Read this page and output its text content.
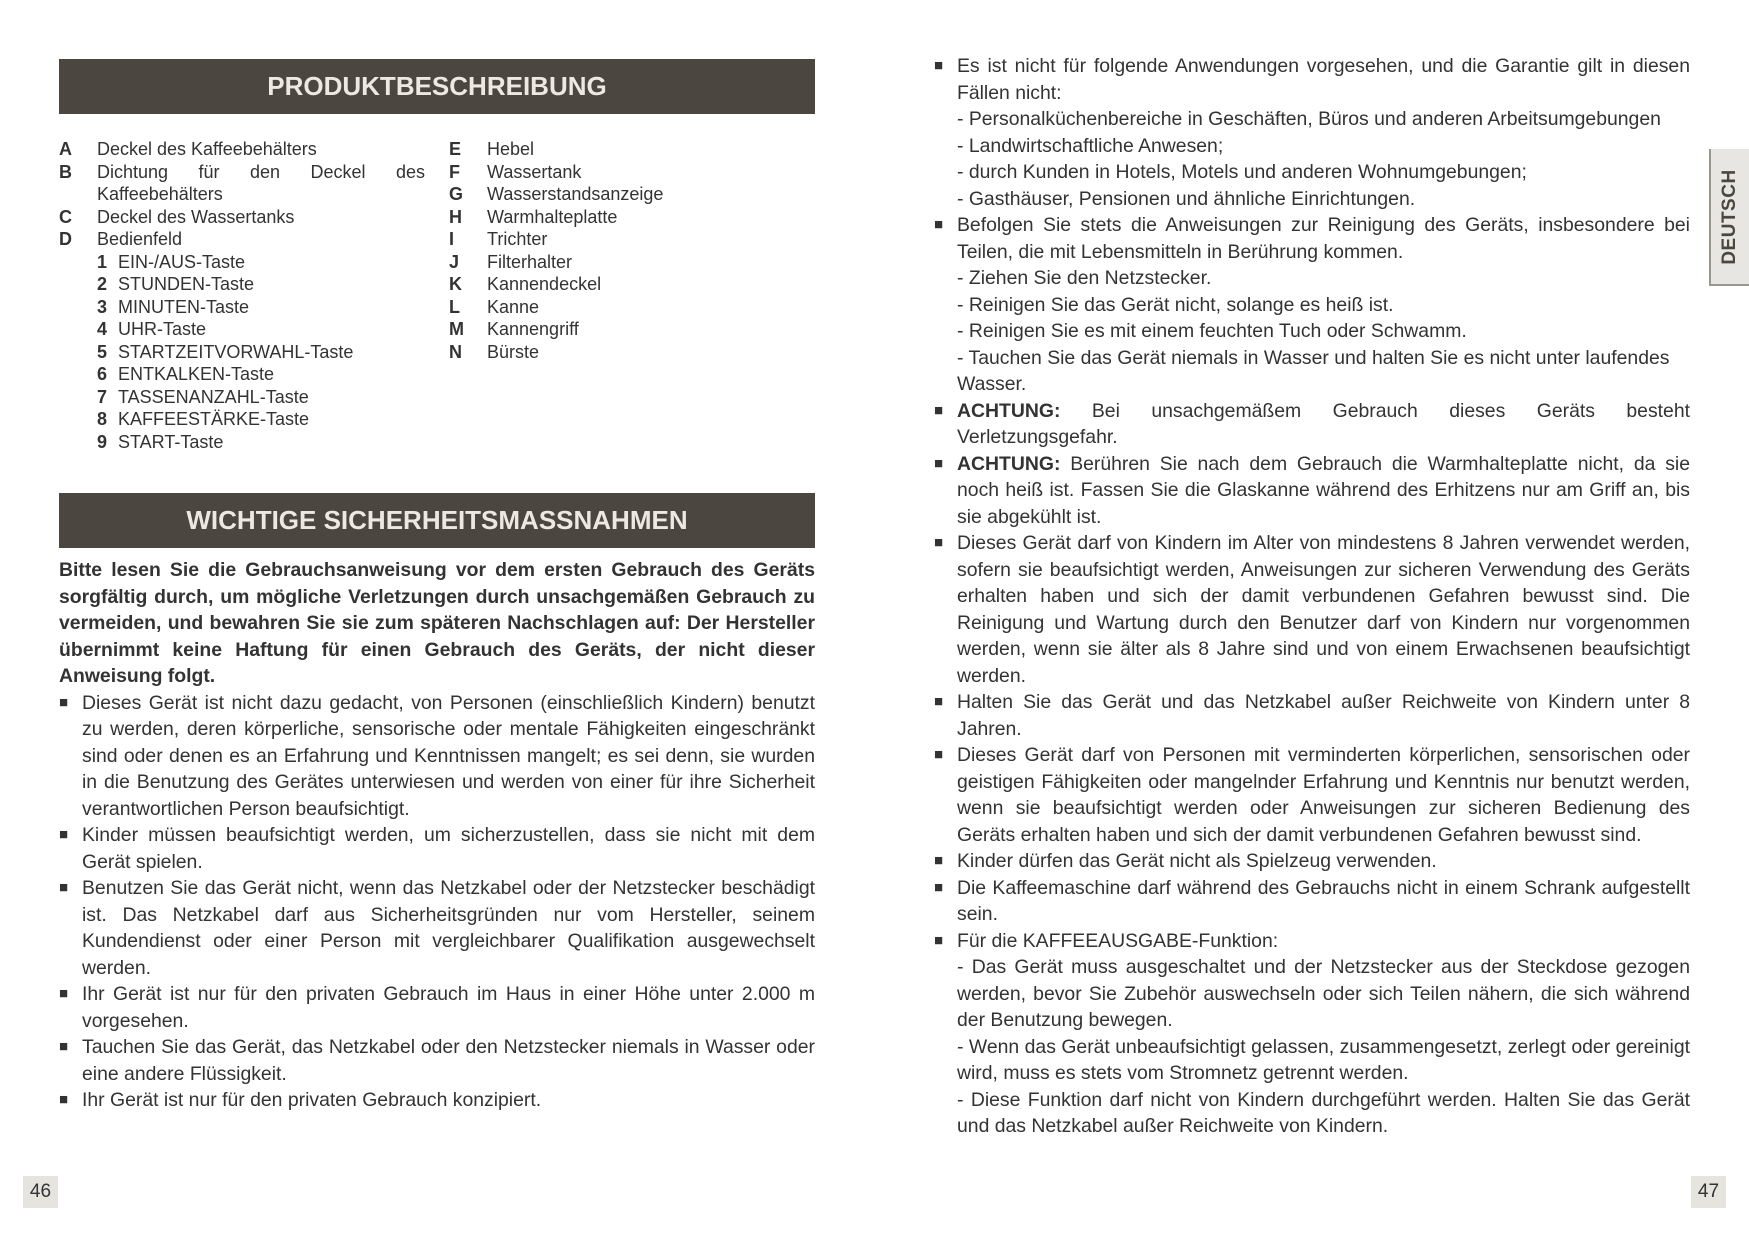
PRODUKTBESCHREIBUNG
A	Deckel des Kaffeebehälters
B	Dichtung für den Deckel des Kaffeebehälters
C	Deckel des Wassertanks
D	Bedienfeld
1 EIN-/AUS-Taste
2 STUNDEN-Taste
3 MINUTEN-Taste
4 UHR-Taste
5 STARTZEITVORWAHL-Taste
6 ENTKALKEN-Taste
7 TASSENANZAHL-Taste
8 KAFFEESTÄRKE-Taste
9 START-Taste
E	Hebel
F	Wassertank
G	Wasserstandsanzeige
H	Warmhalteplatte
I	Trichter
J	Filterhalter
K	Kannendeckel
L	Kanne
M	Kannengriff
N	Bürste
WICHTIGE SICHERHEITSMASSNAHMEN

Bitte lesen Sie die Gebrauchsanweisung vor dem ersten Gebrauch des Geräts sorgfältig durch, um mögliche Verletzungen durch unsachgemäßen Gebrauch zu vermeiden, und bewahren Sie sie zum späteren Nachschlagen auf: Der Hersteller übernimmt keine Haftung für einen Gebrauch des Geräts, der nicht dieser Anweisung folgt.

■ Dieses Gerät ist nicht dazu gedacht, von Personen (einschließlich Kindern) benutzt zu werden, deren körperliche, sensorische oder mentale Fähigkeiten eingeschränkt sind oder denen es an Erfahrung und Kenntnissen mangelt; es sei denn, sie wurden in die Benutzung des Gerätes unterwiesen und werden von einer für ihre Sicherheit verantwortlichen Person beaufsichtigt.

■ Kinder müssen beaufsichtigt werden, um sicherzustellen, dass sie nicht mit dem Gerät spielen.

■ Benutzen Sie das Gerät nicht, wenn das Netzkabel oder der Netzstecker beschädigt ist. Das Netzkabel darf aus Sicherheitsgründen nur vom Hersteller, seinem Kundendienst oder einer Person mit vergleichbarer Qualifikation ausgewechselt werden.

■ Ihr Gerät ist nur für den privaten Gebrauch im Haus in einer Höhe unter 2.000 m vorgesehen.

■ Tauchen Sie das Gerät, das Netzkabel oder den Netzstecker niemals in Wasser oder eine andere Flüssigkeit.

■ Ihr Gerät ist nur für den privaten Gebrauch konzipiert.

46
■ Es ist nicht für folgende Anwendungen vorgesehen, und die Garantie gilt in diesen Fällen nicht:

- Personalküchenbereiche in Geschäften, Büros und anderen Arbeitsumgebungen

- Landwirtschaftliche Anwesen;

- durch Kunden in Hotels, Motels und anderen Wohnumgebungen;

- Gasthäuser, Pensionen und ähnliche Einrichtungen.

■ Befolgen Sie stets die Anweisungen zur Reinigung des Geräts, insbesondere bei Teilen, die mit Lebensmitteln in Berührung kommen.

- Ziehen Sie den Netzstecker.

- Reinigen Sie das Gerät nicht, solange es heiß ist.

- Reinigen Sie es mit einem feuchten Tuch oder Schwamm.

- Tauchen Sie das Gerät niemals in Wasser und halten Sie es nicht unter laufendes Wasser.

■ ACHTUNG: Bei unsachgemäßem Gebrauch dieses Geräts besteht Verletzungsgefahr.

■ ACHTUNG: Berühren Sie nach dem Gebrauch die Warmhalteplatte nicht, da sie noch heiß ist. Fassen Sie die Glaskanne während des Erhitzens nur am Griff an, bis sie abgekühlt ist.

■ Dieses Gerät darf von Kindern im Alter von mindestens 8 Jahren verwendet werden, sofern sie beaufsichtigt werden, Anweisungen zur sicheren Verwendung des Geräts erhalten haben und sich der damit verbundenen Gefahren bewusst sind. Die Reinigung und Wartung durch den Benutzer darf von Kindern nur vorgenommen werden, wenn sie älter als 8 Jahre sind und von einem Erwachsenen beaufsichtigt werden.

■ Halten Sie das Gerät und das Netzkabel außer Reichweite von Kindern unter 8 Jahren.

■ Dieses Gerät darf von Personen mit verminderten körperlichen, sensorischen oder geistigen Fähigkeiten oder mangelnder Erfahrung und Kenntnis nur benutzt werden, wenn sie beaufsichtigt werden oder Anweisungen zur sicheren Bedienung des Geräts erhalten haben und sich der damit verbundenen Gefahren bewusst sind.

■ Kinder dürfen das Gerät nicht als Spielzeug verwenden.

■ Die Kaffeemaschine darf während des Gebrauchs nicht in einem Schrank aufgestellt sein.

■ Für die KAFFEEAUSGABE-Funktion:

- Das Gerät muss ausgeschaltet und der Netzstecker aus der Steckdose gezogen werden, bevor Sie Zubehör auswechseln oder sich Teilen nähern, die sich während der Benutzung bewegen.

- Wenn das Gerät unbeaufsichtigt gelassen, zusammengesetzt, zerlegt oder gereinigt wird, muss es stets vom Stromnetz getrennt werden.

- Diese Funktion darf nicht von Kindern durchgeführt werden. Halten Sie das Gerät und das Netzkabel außer Reichweite von Kindern.

DEUTSCH
47
